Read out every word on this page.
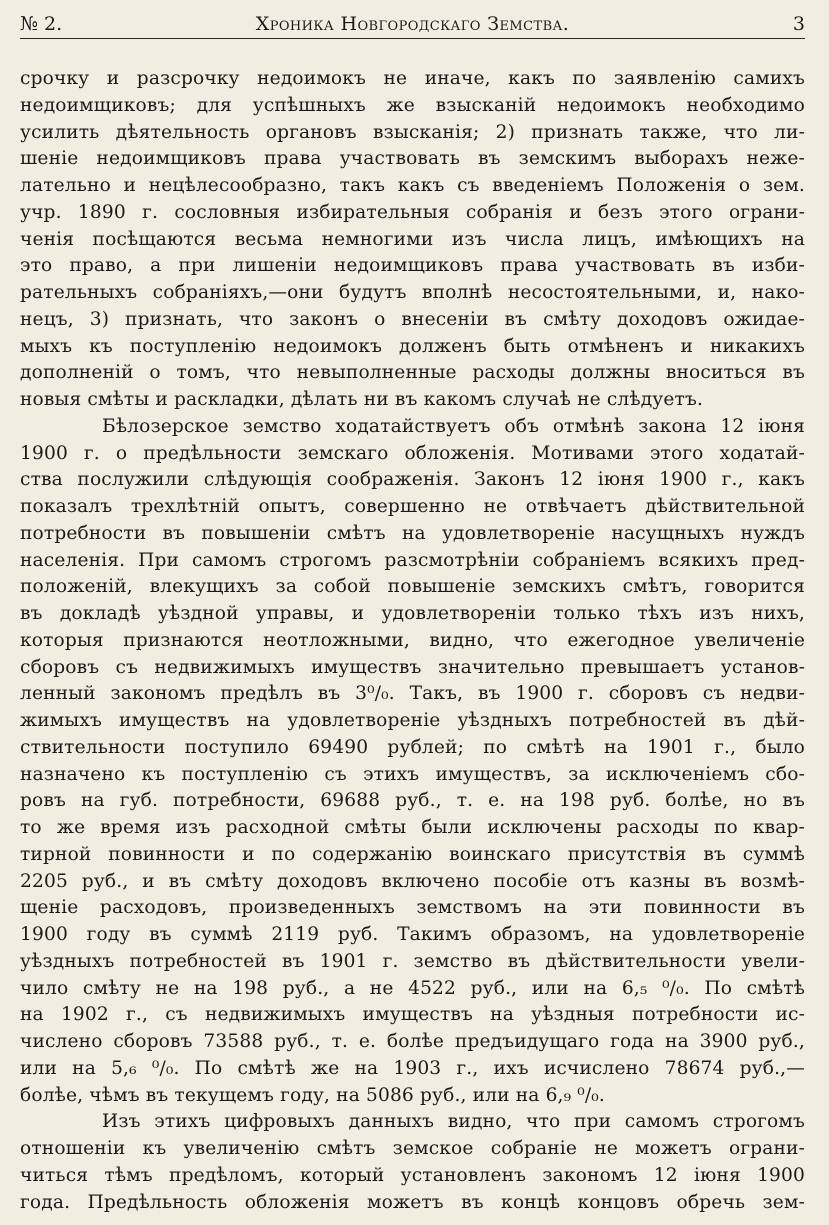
Хроника Новгородскаго Земства.
№ 2.	3
срочку и разсрочку недоимокъ не иначе, какъ по заявленію самихъ
недоимщиковъ; для успѣшныхъ же взысканій недоимокъ необходимо
усилить дѣятельность органовъ взысканія; 2) признать также, что ли-
шеніе недоимщиковъ права участвовать въ земскимъ выборахъ неже-
лательно и нецѣлесообразно, такъ какъ съ введеніемъ Положенія о зем.
учр. 1890 г. сословныя избирательныя собранія и безъ этого ограни-
ченія посѣщаются весьма немногими изъ числа лицъ, имѣющихъ на
это право, а при лишеніи недоимщиковъ права участвовать въ изби-
рательныхъ собраніяхъ,—они будутъ вполнѣ несостоятельными, и, нако-
нецъ, 3) признать, что законъ о внесеніи въ смѣту доходовъ ожидае-
мыхъ къ поступленію недоимокъ долженъ быть отмѣненъ и никакихъ
дополненій о томъ, что невыполненные расходы должны вноситься въ
новыя смѣты и раскладки, дѣлать ни въ какомъ случаѣ не слѣдуетъ.
Бѣлозерское земство ходатайствуетъ объ отмѣнѣ закона 12 іюня
1900 г. о предѣльности земскаго обложенія. Мотивами этого ходатай-
ства послужили слѣдующія соображенія. Законъ 12 іюня 1900 г., какъ
показалъ трехлѣтній опытъ, совершенно не отвѣчаетъ дѣйствительной
потребности въ повышеніи смѣтъ на удовлетвореніе насущныхъ нуждъ
населенія. При самомъ строгомъ разсмотрѣніи собраніемъ всякихъ пред-
положеній, влекущихъ за собой повышеніе земскихъ смѣтъ, говорится
въ докладѣ уѣздной управы, и удовлетвореніи только тѣхъ изъ нихъ,
которыя признаются неотложными, видно, что ежегодное увеличеніе
сборовъ съ недвижимыхъ имуществъ значительно превышаетъ установ-
ленный закономъ предѣлъ въ 3⁰/₀. Такъ, въ 1900 г. сборовъ съ недви-
жимыхъ имуществъ на удовлетвореніе уѣздныхъ потребностей въ дѣй-
ствительности поступило 69490 рублей; по смѣтѣ на 1901 г., было
назначено къ поступленію съ этихъ имуществъ, за исключеніемъ сбо-
ровъ на губ. потребности, 69688 руб., т. е. на 198 руб. болѣе, но въ
то же время изъ расходной смѣты были исключены расходы по квар-
тирной повинности и по содержанію воинскаго присутствія въ суммѣ
2205 руб., и въ смѣту доходовъ включено пособіе отъ казны въ возмѣ-
щеніе расходовъ, произведенныхъ земствомъ на эти повинности въ
1900 году въ суммѣ 2119 руб. Такимъ образомъ, на удовлетвореніе
уѣздныхъ потребностей въ 1901 г. земство въ дѣйствительности увели-
чило смѣту не на 198 руб., а не 4522 руб., или на 6,₅ ⁰/₀. По смѣтѣ
на 1902 г., съ недвижимыхъ имуществъ на уѣздныя потребности ис-
числено сборовъ 73588 руб., т. е. болѣе предъидущаго года на 3900 руб.,
или на 5,₆ ⁰/₀. По смѣтѣ же на 1903 г., ихъ исчислено 78674 руб.,—
болѣе, чѣмъ въ текущемъ году, на 5086 руб., или на 6,₉ ⁰/₀.
Изъ этихъ цифровыхъ данныхъ видно, что при самомъ строгомъ
отношеніи къ увеличенію смѣтъ земское собраніе не можетъ ограни-
читься тѣмъ предѣломъ, который установленъ закономъ 12 іюня 1900
года. Предѣльность обложенія можетъ въ концѣ концовъ обречь зем-
